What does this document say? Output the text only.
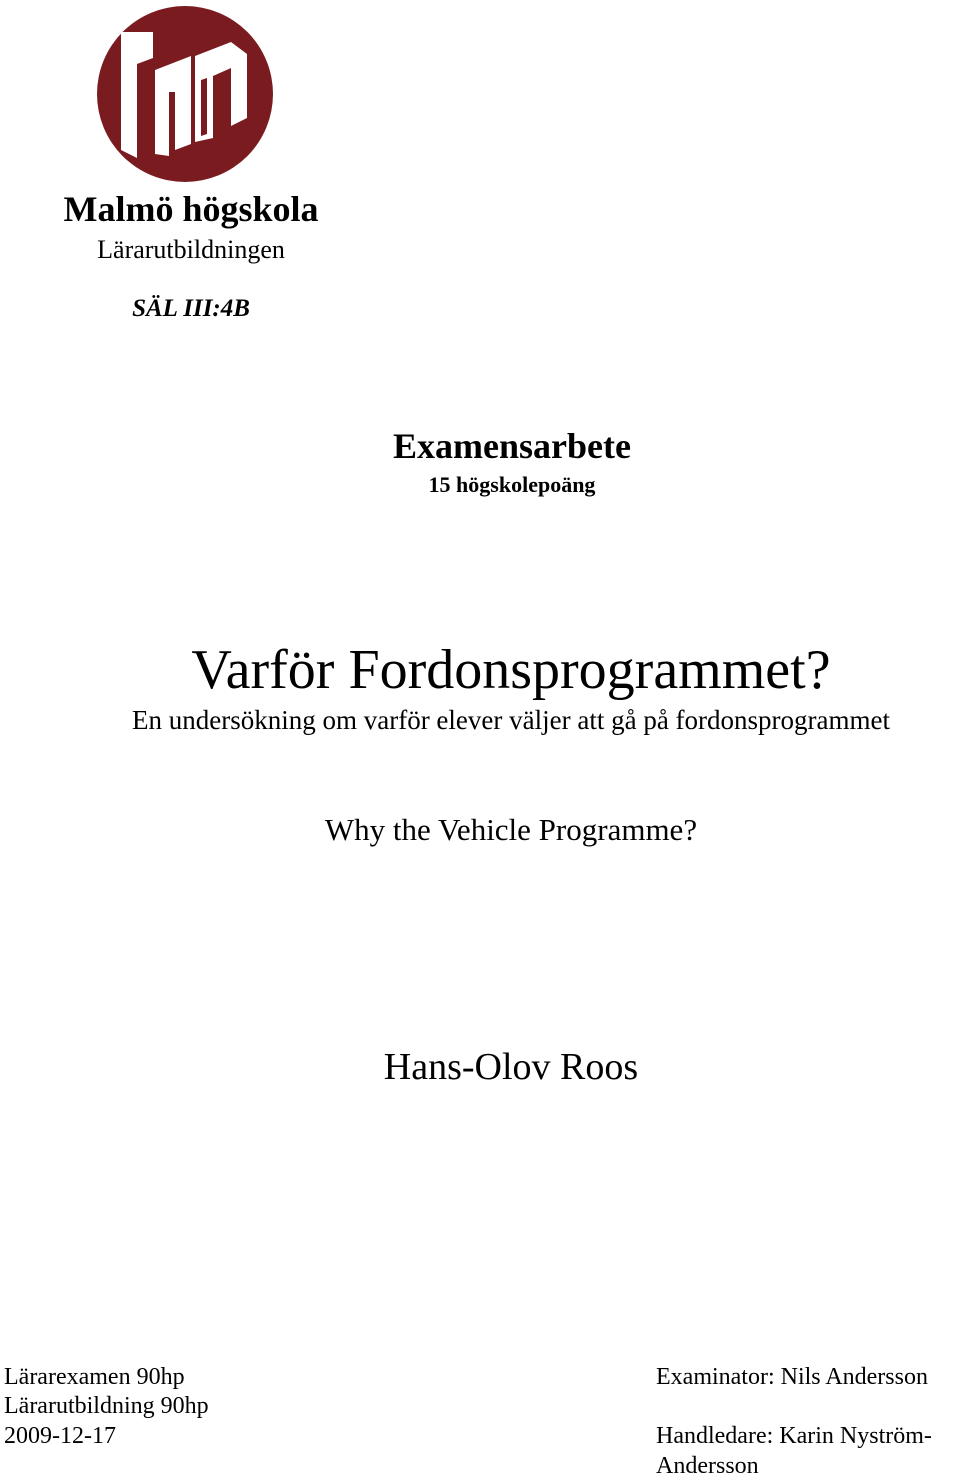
Malmö högskola
Lärarutbildningen
SÄL III:4B
Examensarbete
15 högskolepoäng
Varför Fordonsprogrammet?
En undersökning om varför elever väljer att gå på fordonsprogrammet
Why the Vehicle Programme?
Hans-Olov Roos
Lärarexamen 90hp
Lärarutbildning 90hp
2009-12-17
Examinator: Nils Andersson
Handledare: Karin Nyström-Andersson
